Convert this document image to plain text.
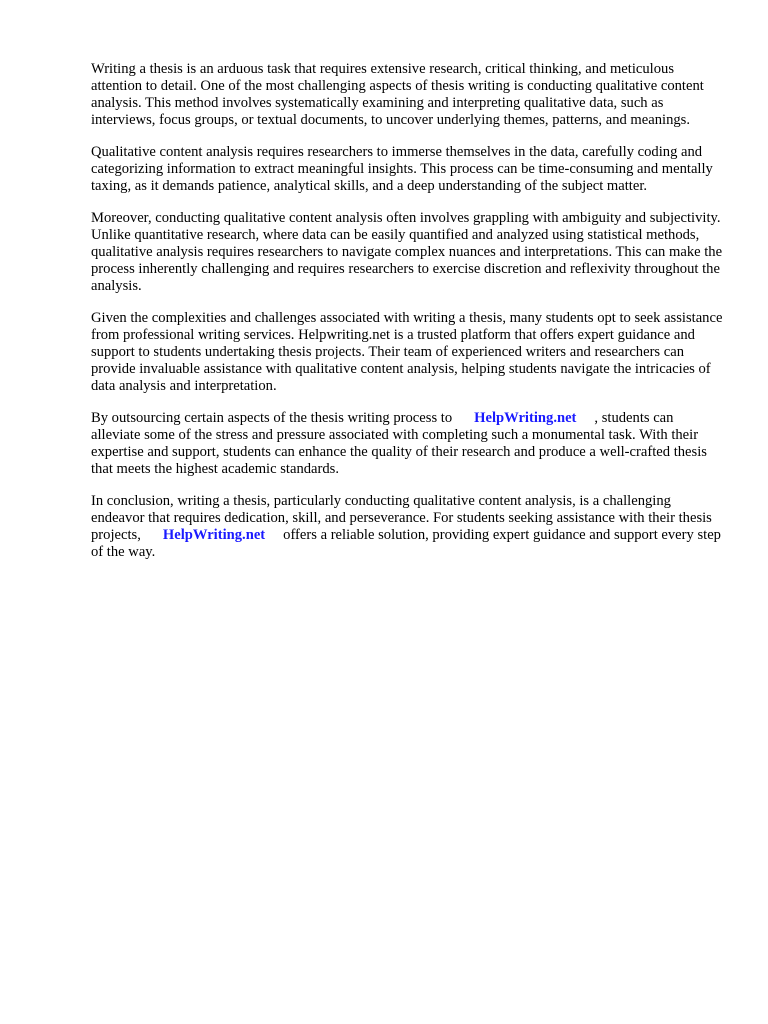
Writing a thesis is an arduous task that requires extensive research, critical thinking, and meticulous attention to detail. One of the most challenging aspects of thesis writing is conducting qualitative content analysis. This method involves systematically examining and interpreting qualitative data, such as interviews, focus groups, or textual documents, to uncover underlying themes, patterns, and meanings.

Qualitative content analysis requires researchers to immerse themselves in the data, carefully coding and categorizing information to extract meaningful insights. This process can be time-consuming and mentally taxing, as it demands patience, analytical skills, and a deep understanding of the subject matter.

Moreover, conducting qualitative content analysis often involves grappling with ambiguity and subjectivity. Unlike quantitative research, where data can be easily quantified and analyzed using statistical methods, qualitative analysis requires researchers to navigate complex nuances and interpretations. This can make the process inherently challenging and requires researchers to exercise discretion and reflexivity throughout the analysis.

Given the complexities and challenges associated with writing a thesis, many students opt to seek assistance from professional writing services. Helpwriting.net is a trusted platform that offers expert guidance and support to students undertaking thesis projects. Their team of experienced writers and researchers can provide invaluable assistance with qualitative content analysis, helping students navigate the intricacies of data analysis and interpretation.

By outsourcing certain aspects of the thesis writing process to HelpWriting.net , students can alleviate some of the stress and pressure associated with completing such a monumental task. With their expertise and support, students can enhance the quality of their research and produce a well-crafted thesis that meets the highest academic standards.

In conclusion, writing a thesis, particularly conducting qualitative content analysis, is a challenging endeavor that requires dedication, skill, and perseverance. For students seeking assistance with their thesis projects, HelpWriting.net offers a reliable solution, providing expert guidance and support every step of the way.
